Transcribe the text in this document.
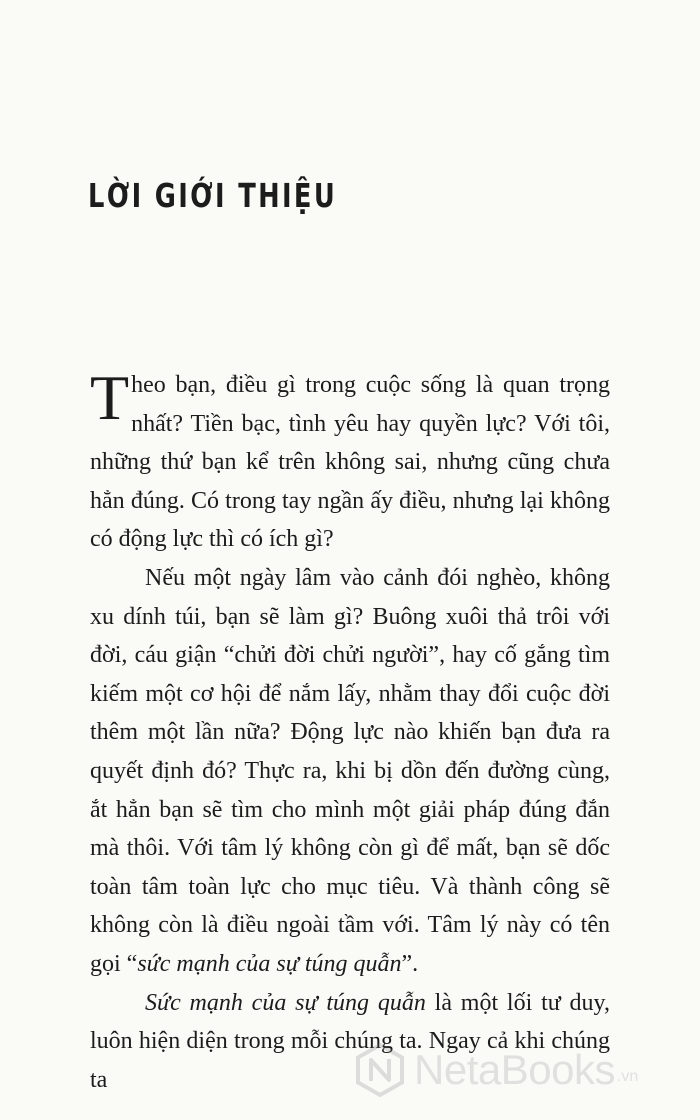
LỜI GIỚI THIỆU

Theo bạn, điều gì trong cuộc sống là quan trọng nhất? Tiền bạc, tình yêu hay quyền lực? Với tôi, những thứ bạn kể trên không sai, nhưng cũng chưa hẳn đúng. Có trong tay ngần ấy điều, nhưng lại không có động lực thì có ích gì?

Nếu một ngày lâm vào cảnh đói nghèo, không xu dính túi, bạn sẽ làm gì? Buông xuôi thả trôi với đời, cáu giận “chửi đời chửi người”, hay cố gắng tìm kiếm một cơ hội để nắm lấy, nhằm thay đổi cuộc đời thêm một lần nữa? Động lực nào khiến bạn đưa ra quyết định đó? Thực ra, khi bị dồn đến đường cùng, ắt hẳn bạn sẽ tìm cho mình một giải pháp đúng đắn mà thôi. Với tâm lý không còn gì để mất, bạn sẽ dốc toàn tâm toàn lực cho mục tiêu. Và thành công sẽ không còn là điều ngoài tầm với. Tâm lý này có tên gọi “sức mạnh của sự túng quẫn”.

Sức mạnh của sự túng quẫn là một lối tư duy, luôn hiện diện trong mỗi chúng ta. Ngay cả khi chúng ta	NetaBooks .vn
